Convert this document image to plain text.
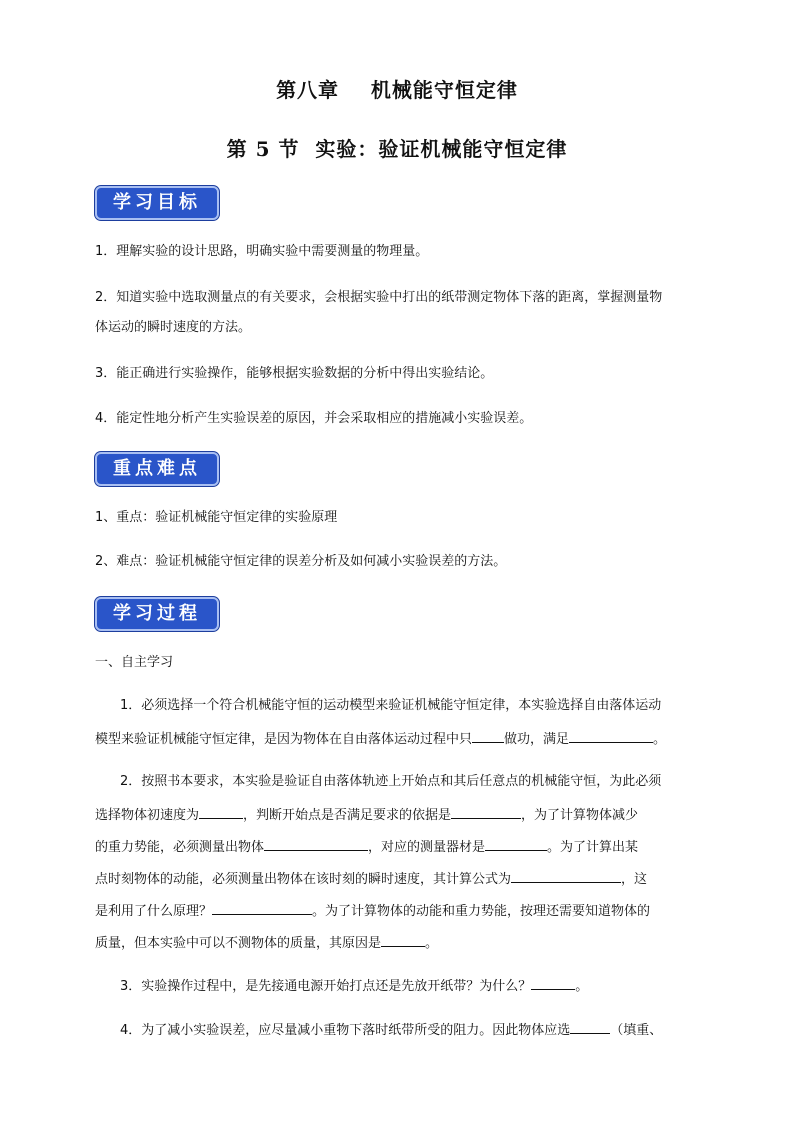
第八章    机械能守恒定律
第 5 节  实验：验证机械能守恒定律
学习目标
1．理解实验的设计思路，明确实验中需要测量的物理量。
2．知道实验中选取测量点的有关要求，会根据实验中打出的纸带测定物体下落的距离，掌握测量物
体运动的瞬时速度的方法。
3．能正确进行实验操作，能够根据实验数据的分析中得出实验结论。
4．能定性地分析产生实验误差的原因，并会采取相应的措施减小实验误差。
重点难点
1、重点：验证机械能守恒定律的实验原理
2、难点：验证机械能守恒定律的误差分析及如何减小实验误差的方法。
学习过程
一、自主学习
1．必须选择一个符合机械能守恒的运动模型来验证机械能守恒定律，本实验选择自由落体运动
模型来验证机械能守恒定律，是因为物体在自由落体运动过程中只 做功，满足	。
2．按照书本要求，本实验是验证自由落体轨迹上开始点和其后任意点的机械能守恒，为此必须
选择物体初速度为	，判断开始点是否满足要求的依据是	，为了计算物体减少
的重力势能，必须测量出物体	，对应的测量器材是	。为了计算出某
点时刻物体的动能，必须测量出物体在该时刻的瞬时速度，其计算公式为	，这
是利用了什么原理？	。为了计算物体的动能和重力势能，按理还需要知道物体的
质量，但本实验中可以不测物体的质量，其原因是	。
3．实验操作过程中，是先接通电源开始打点还是先放开纸带？为什么？	。
4．为了减小实验误差，应尽量减小重物下落时纸带所受的阻力。因此物体应选	（填重、
